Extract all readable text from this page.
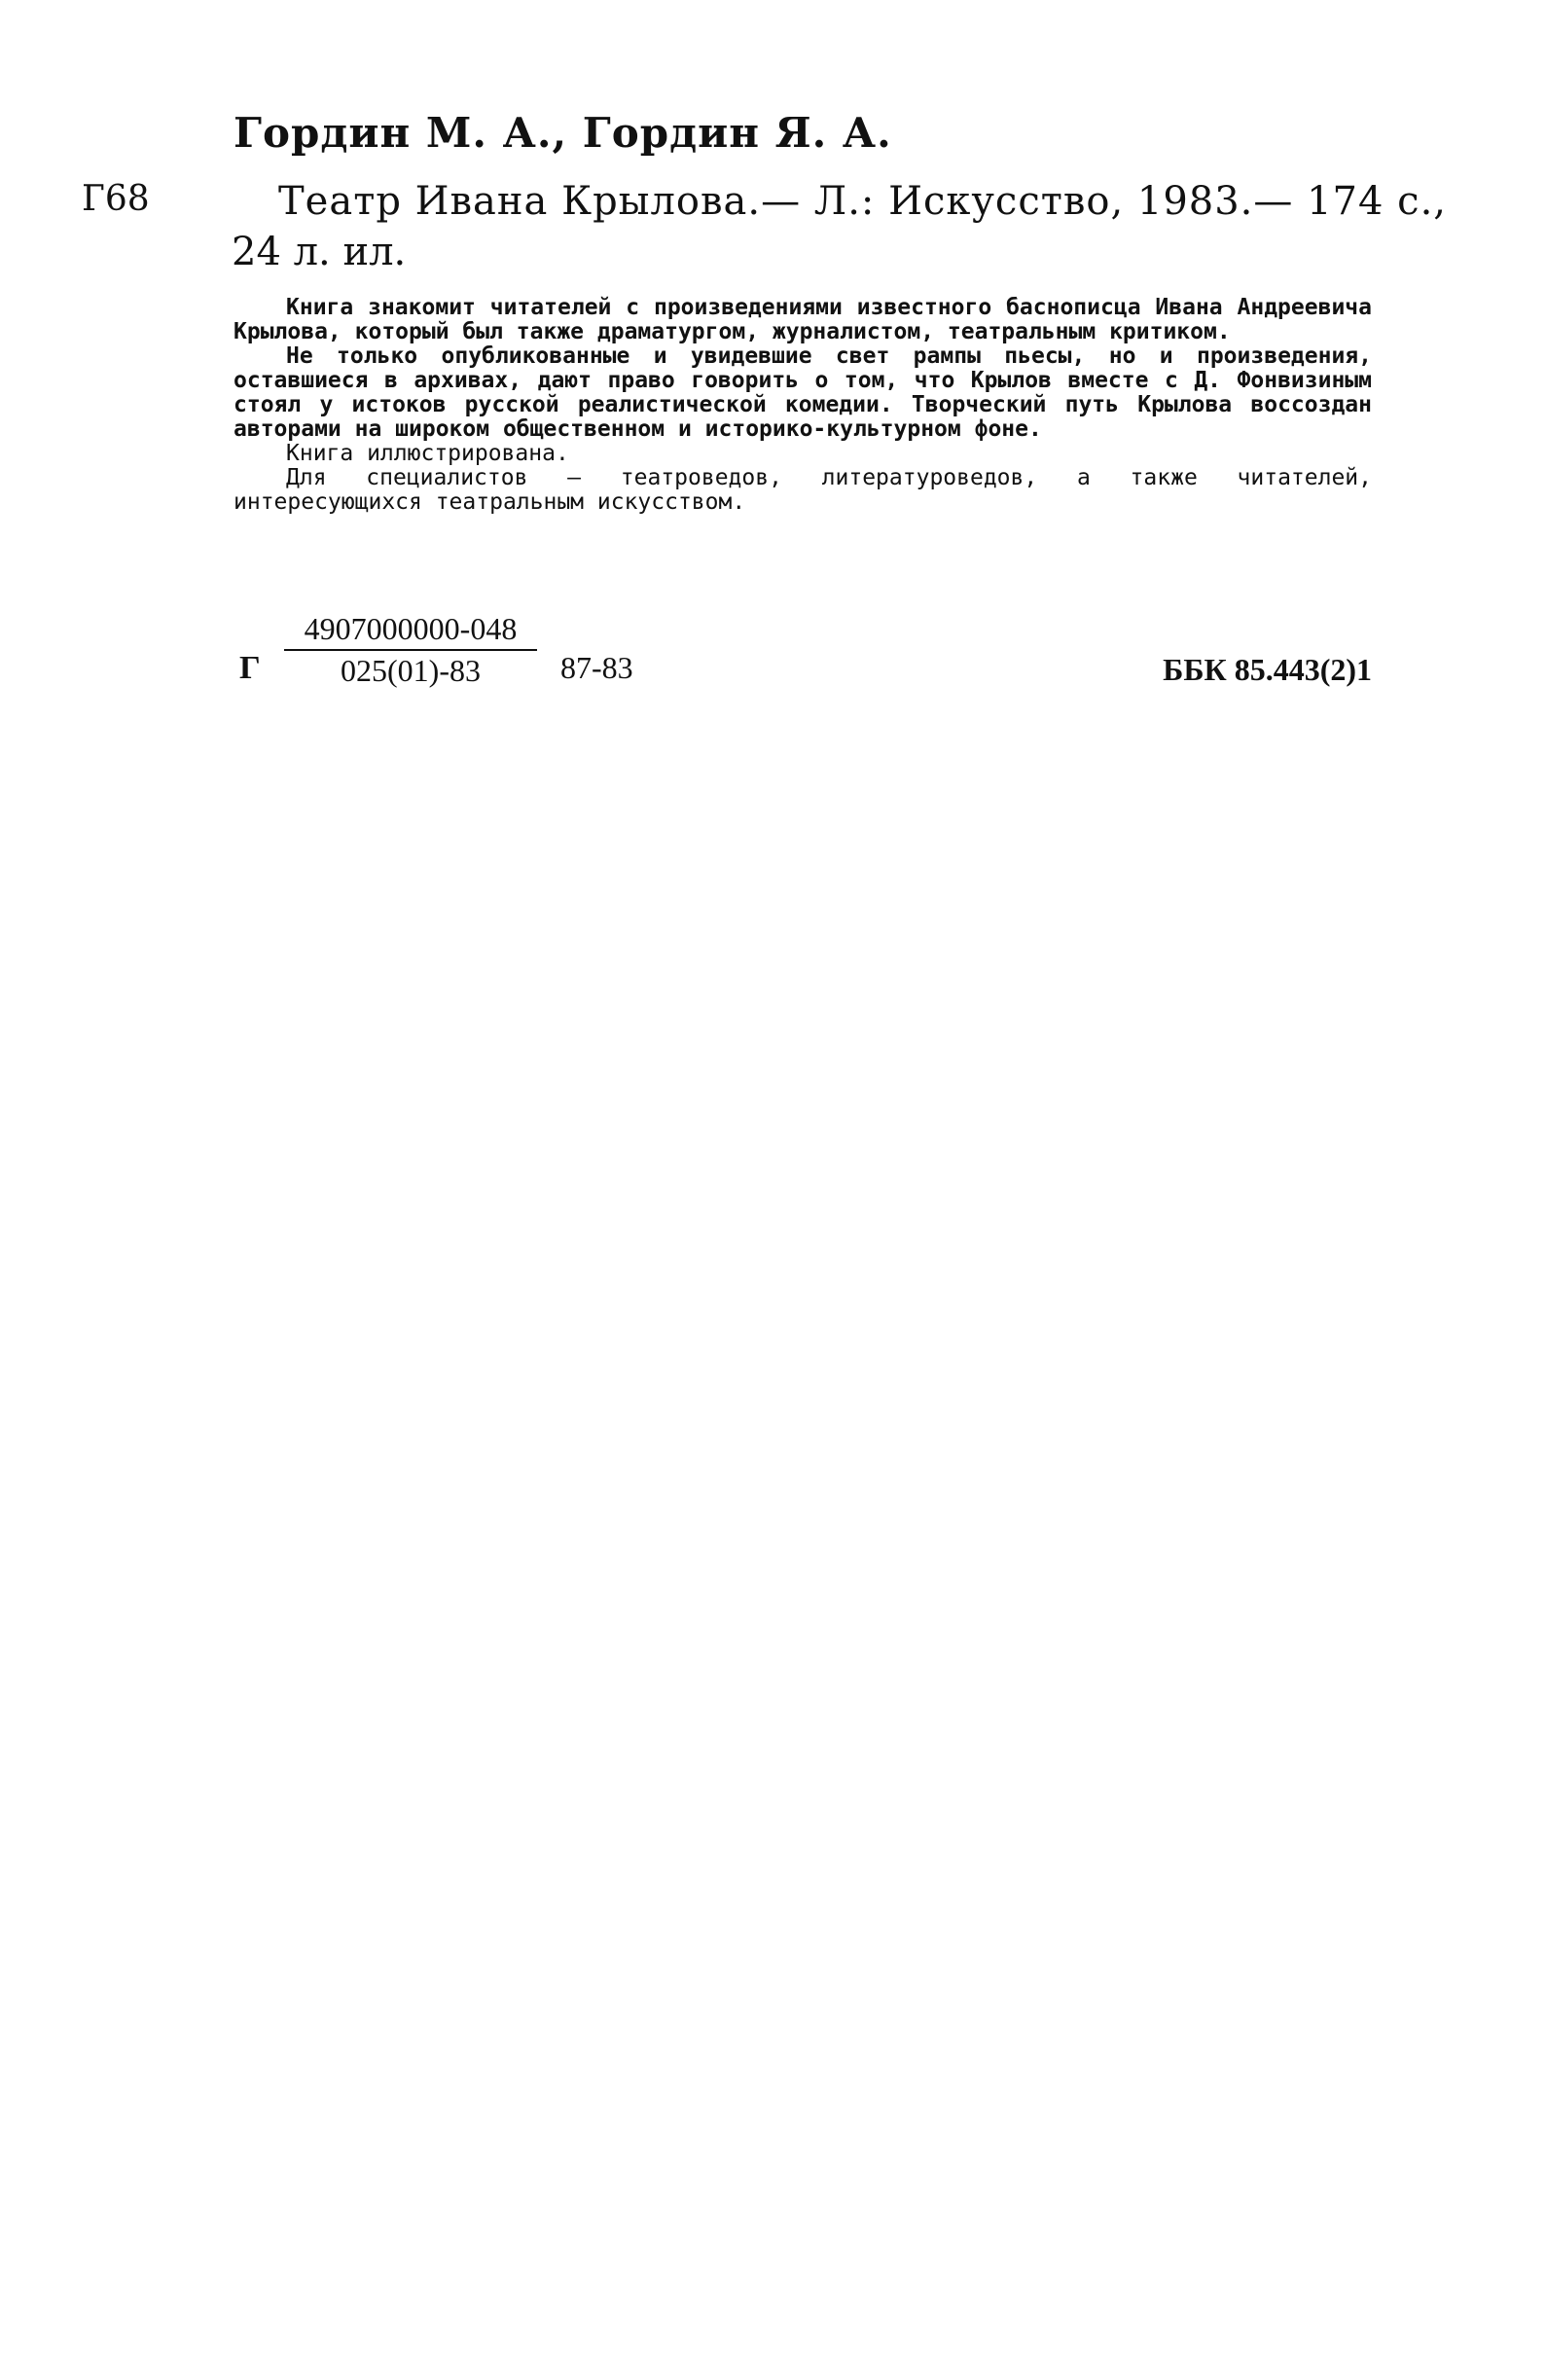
Гордин М. А., Гордин Я. А.
Г68	Театр Ивана Крылова.— Л.: Искусство, 1983.— 174 с.,
24 л. ил.

Книга знакомит читателей с произведениями известного баснописца Ивана Андреевича Крылова, который был также драматургом, журналистом, театральным критиком.

Не только опубликованные и увидевшие свет рампы пьесы, но и произведения, оставшиеся в архивах, дают право говорить о том, что Крылов вместе с Д. Фонвизиным стоял у истоков русской реалистической комедии. Творческий путь Крылова воссоздан авторами на широком общественном и историко-культурном фоне.

Книга иллюстрирована.

Для специалистов — театроведов, литературоведов, а также читателей, интересующихся театральным искусством.

Г $\frac{4907000000-048}{025(01)-83} 87-83$	ББК 85.443(2)1
